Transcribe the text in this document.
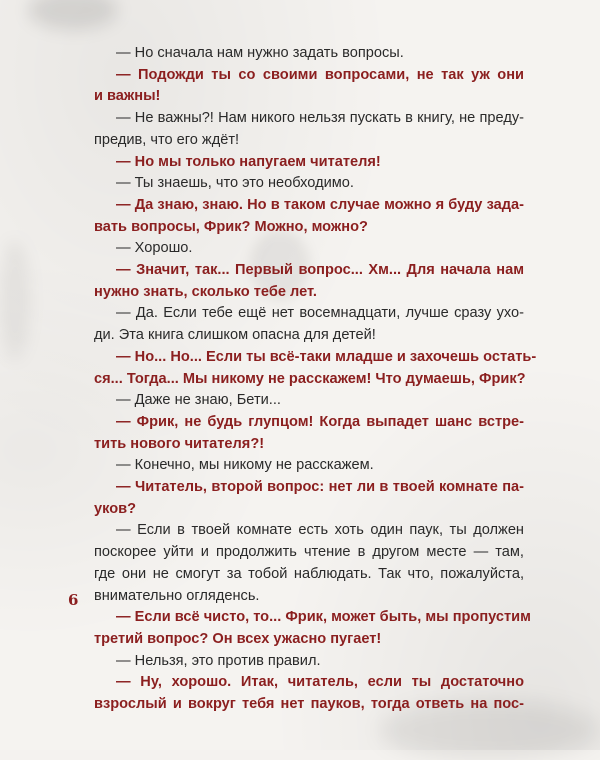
— Но сначала нам нужно задать вопросы.
— Подожди ты со своими вопросами, не так уж они
и важны!
— Не важны?! Нам никого нельзя пускать в книгу, не преду-
предив, что его ждёт!
— Но мы только напугаем читателя!
— Ты знаешь, что это необходимо.
— Да знаю, знаю. Но в таком случае можно я буду зада-
вать вопросы, Фрик? Можно, можно?
— Хорошо.
— Значит, так... Первый вопрос... Хм... Для начала нам
нужно знать, сколько тебе лет.
— Да. Если тебе ещё нет восемнадцати, лучше сразу ухо-
ди. Эта книга слишком опасна для детей!
— Но... Но... Если ты всё-таки младше и захочешь остать-
ся... Тогда... Мы никому не расскажем! Что думаешь, Фрик?
— Даже не знаю, Бети...
— Фрик, не будь глупцом! Когда выпадет шанс встре-
тить нового читателя?!
— Конечно, мы никому не расскажем.
— Читатель, второй вопрос: нет ли в твоей комнате па-
уков?
— Если в твоей комнате есть хоть один паук, ты должен
поскорее уйти и продолжить чтение в другом месте — там,
где они не смогут за тобой наблюдать. Так что, пожалуйста,
внимательно огляденсь.
— Если всё чисто, то... Фрик, может быть, мы пропустим
третий вопрос? Он всех ужасно пугает!
— Нельзя, это против правил.
— Ну, хорошо. Итак, читатель, если ты достаточно
взрослый и вокруг тебя нет пауков, тогда ответь на пос-
6
